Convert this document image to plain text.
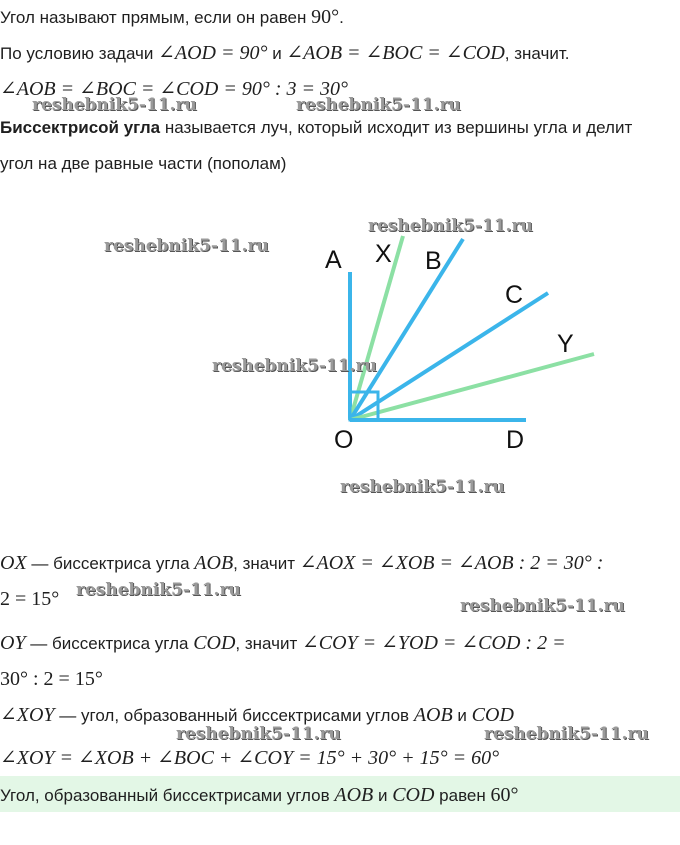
Угол называют прямым, если он равен 90°.
По условию задачи ∠AOD = 90° и ∠AOB = ∠BOC = ∠COD, значит.
∠AOB = ∠BOC = ∠COD = 90° : 3 = 30°
Биссектрисой угла называется луч, который исходит из вершины угла и делит
угол на две равные части (пополам)
A X B
C
Y
O	D
OX — биссектриса угла AOB, значит ∠AOX = ∠XOB = ∠AOB : 2 = 30° :
2 = 15°
OY — биссектриса угла COD, значит ∠COY = ∠YOD = ∠COD : 2 =
30° : 2 = 15°
∠XOY — угол, образованный биссектрисами углов AOB и COD
∠XOY = ∠XOB + ∠BOC + ∠COY = 15° + 30° + 15° = 60°
Угол, образованный биссектрисами углов AOB и COD равен 60°
reshebnik5-11.ru	reshebnik5-11.ru
reshebnik5-11.ru
reshebnik5-11.ru
reshebnik5-11.ru
reshebnik5-11.ru
reshebnik5-11.ru
reshebnik5-11.ru
reshebnik5-11.ru	reshebnik5-11.ru
